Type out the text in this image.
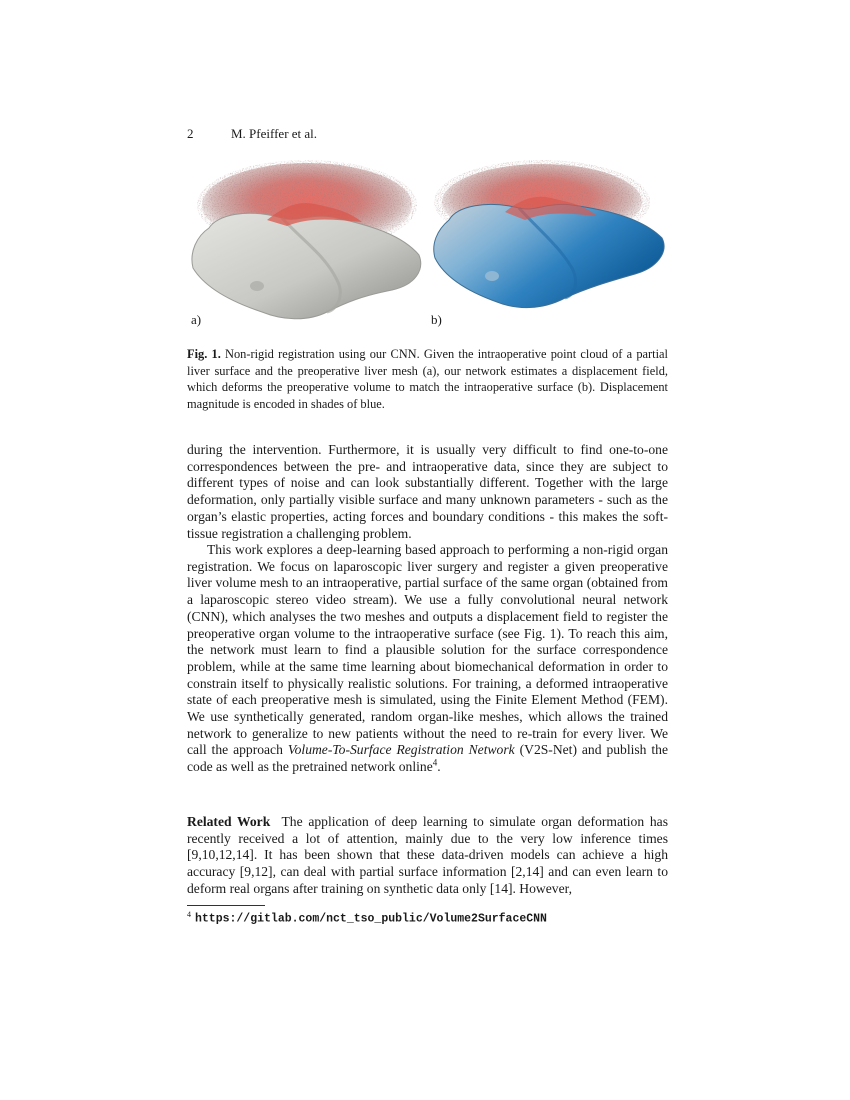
2	M. Pfeiffer et al.
a)	b)
Fig. 1. Non-rigid registration using our CNN. Given the intraoperative point cloud of a partial liver surface and the preoperative liver mesh (a), our network estimates a displacement field, which deforms the preoperative volume to match the intraoperative surface (b). Displacement magnitude is encoded in shades of blue.

during the intervention. Furthermore, it is usually very difficult to find one-to-one correspondences between the pre- and intraoperative data, since they are subject to different types of noise and can look substantially different. Together with the large deformation, only partially visible surface and many unknown parameters - such as the organ’s elastic properties, acting forces and boundary conditions - this makes the soft-tissue registration a challenging problem.

This work explores a deep-learning based approach to performing a non-rigid organ registration. We focus on laparoscopic liver surgery and register a given preoperative liver volume mesh to an intraoperative, partial surface of the same organ (obtained from a laparoscopic stereo video stream). We use a fully convolutional neural network (CNN), which analyses the two meshes and outputs a displacement field to register the preoperative organ volume to the intraoperative surface (see Fig. 1). To reach this aim, the network must learn to find a plausible solution for the surface correspondence problem, while at the same time learning about biomechanical deformation in order to constrain itself to physically realistic solutions. For training, a deformed intraoperative state of each preoperative mesh is simulated, using the Finite Element Method (FEM). We use synthetically generated, random organ-like meshes, which allows the trained network to generalize to new patients without the need to re-train for every liver. We call the approach Volume-To-Surface Registration Network (V2S-Net) and publish the code as well as the pretrained network online$^4$.

Related Work The application of deep learning to simulate organ deformation has recently received a lot of attention, mainly due to the very low inference times [9,10,12,14]. It has been shown that these data-driven models can achieve a high accuracy [9,12], can deal with partial surface information [2,14] and can even learn to deform real organs after training on synthetic data only [14]. However,

$^4$ https://gitlab.com/nct_tso_public/Volume2SurfaceCNN
